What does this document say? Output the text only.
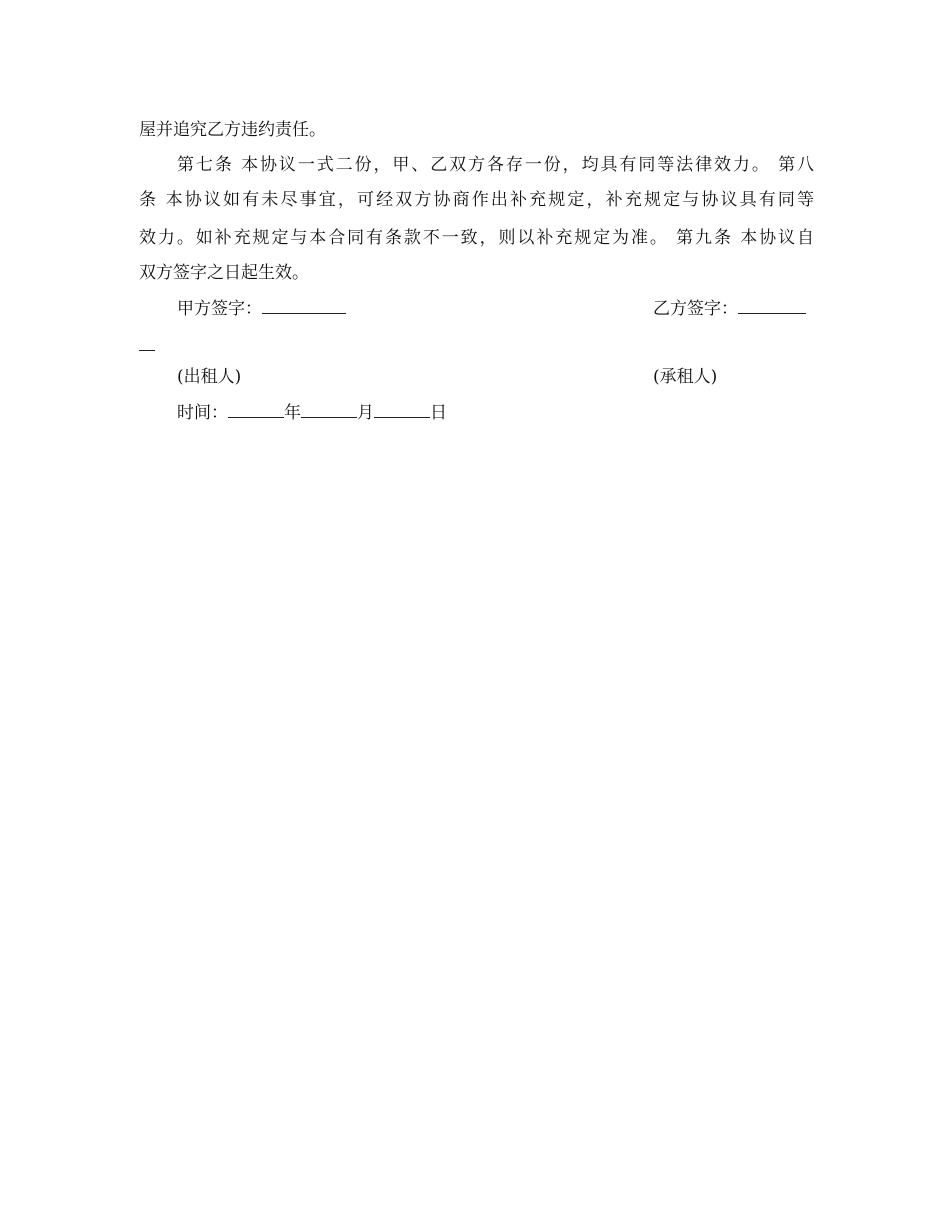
屋并追究乙方违约责任。
第七条 本协议一式二份，甲、乙双方各存一份，均具有同等法律效力。 第八
条 本协议如有未尽事宜，可经双方协商作出补充规定，补充规定与协议具有同等
效力。如补充规定与本合同有条款不一致，则以补充规定为准。 第九条 本协议自
双方签字之日起生效。
甲方签字：	乙方签字：
(出租人)	(承租人)
时间：	年	月	日
